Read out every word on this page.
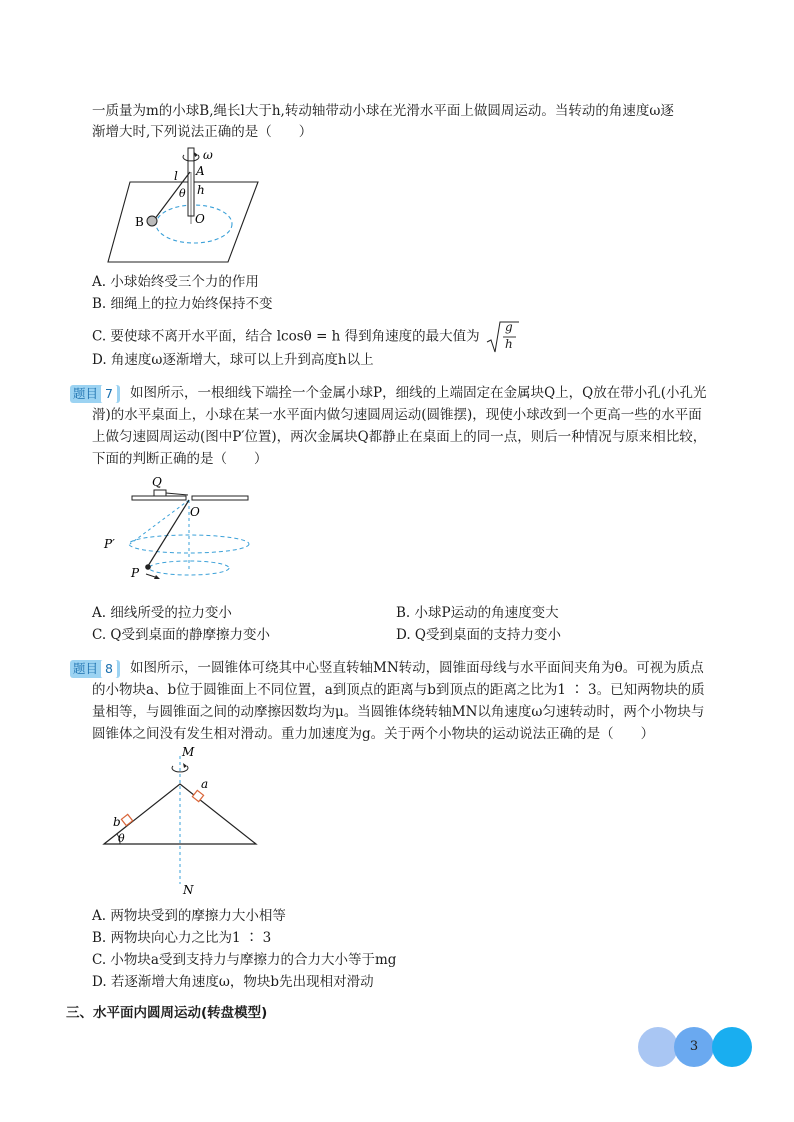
一质量为m的小球B,绳长l大于h,转动轴带动小球在光滑水平面上做圆周运动。当转动的角速度ω逐
渐增大时,下列说法正确的是（　　）
ω
A
l
θ h
B	O
A. 小球始终受三个力的作用
B. 细绳上的拉力始终保持不变
C. 要使球不离开水平面，结合 lcosθ = h 得到角速度的最大值为
g
h
D. 角速度ω逐渐增大，球可以上升到高度h以上
题目 7	如图所示，一根细线下端拴一个金属小球P，细线的上端固定在金属块Q上，Q放在带小孔(小孔光
滑)的水平桌面上，小球在某一水平面内做匀速圆周运动(圆锥摆)，现使小球改到一个更高一些的水平面
上做匀速圆周运动(图中P′位置)，两次金属块Q都静止在桌面上的同一点，则后一种情况与原来相比较，
下面的判断正确的是（　　）
Q
O
P′
P
A. 细线所受的拉力变小	B. 小球P运动的角速度变大
C. Q受到桌面的静摩擦力变小	D. Q受到桌面的支持力变小
题目 8	如图所示，一圆锥体可绕其中心竖直转轴MN转动，圆锥面母线与水平面间夹角为θ。可视为质点
的小物块a、b位于圆锥面上不同位置，a到顶点的距离与b到顶点的距离之比为1 ∶ 3。已知两物块的质
量相等，与圆锥面之间的动摩擦因数均为μ。当圆锥体绕转轴MN以角速度ω匀速转动时，两个小物块与
圆锥体之间没有发生相对滑动。重力加速度为g。关于两个小物块的运动说法正确的是（　　）
M
a
b
θ
N
A. 两物块受到的摩擦力大小相等
B. 两物块向心力之比为1 ∶ 3
C. 小物块a受到支持力与摩擦力的合力大小等于mg
D. 若逐渐增大角速度ω，物块b先出现相对滑动
三、水平面内圆周运动(转盘模型)
3
